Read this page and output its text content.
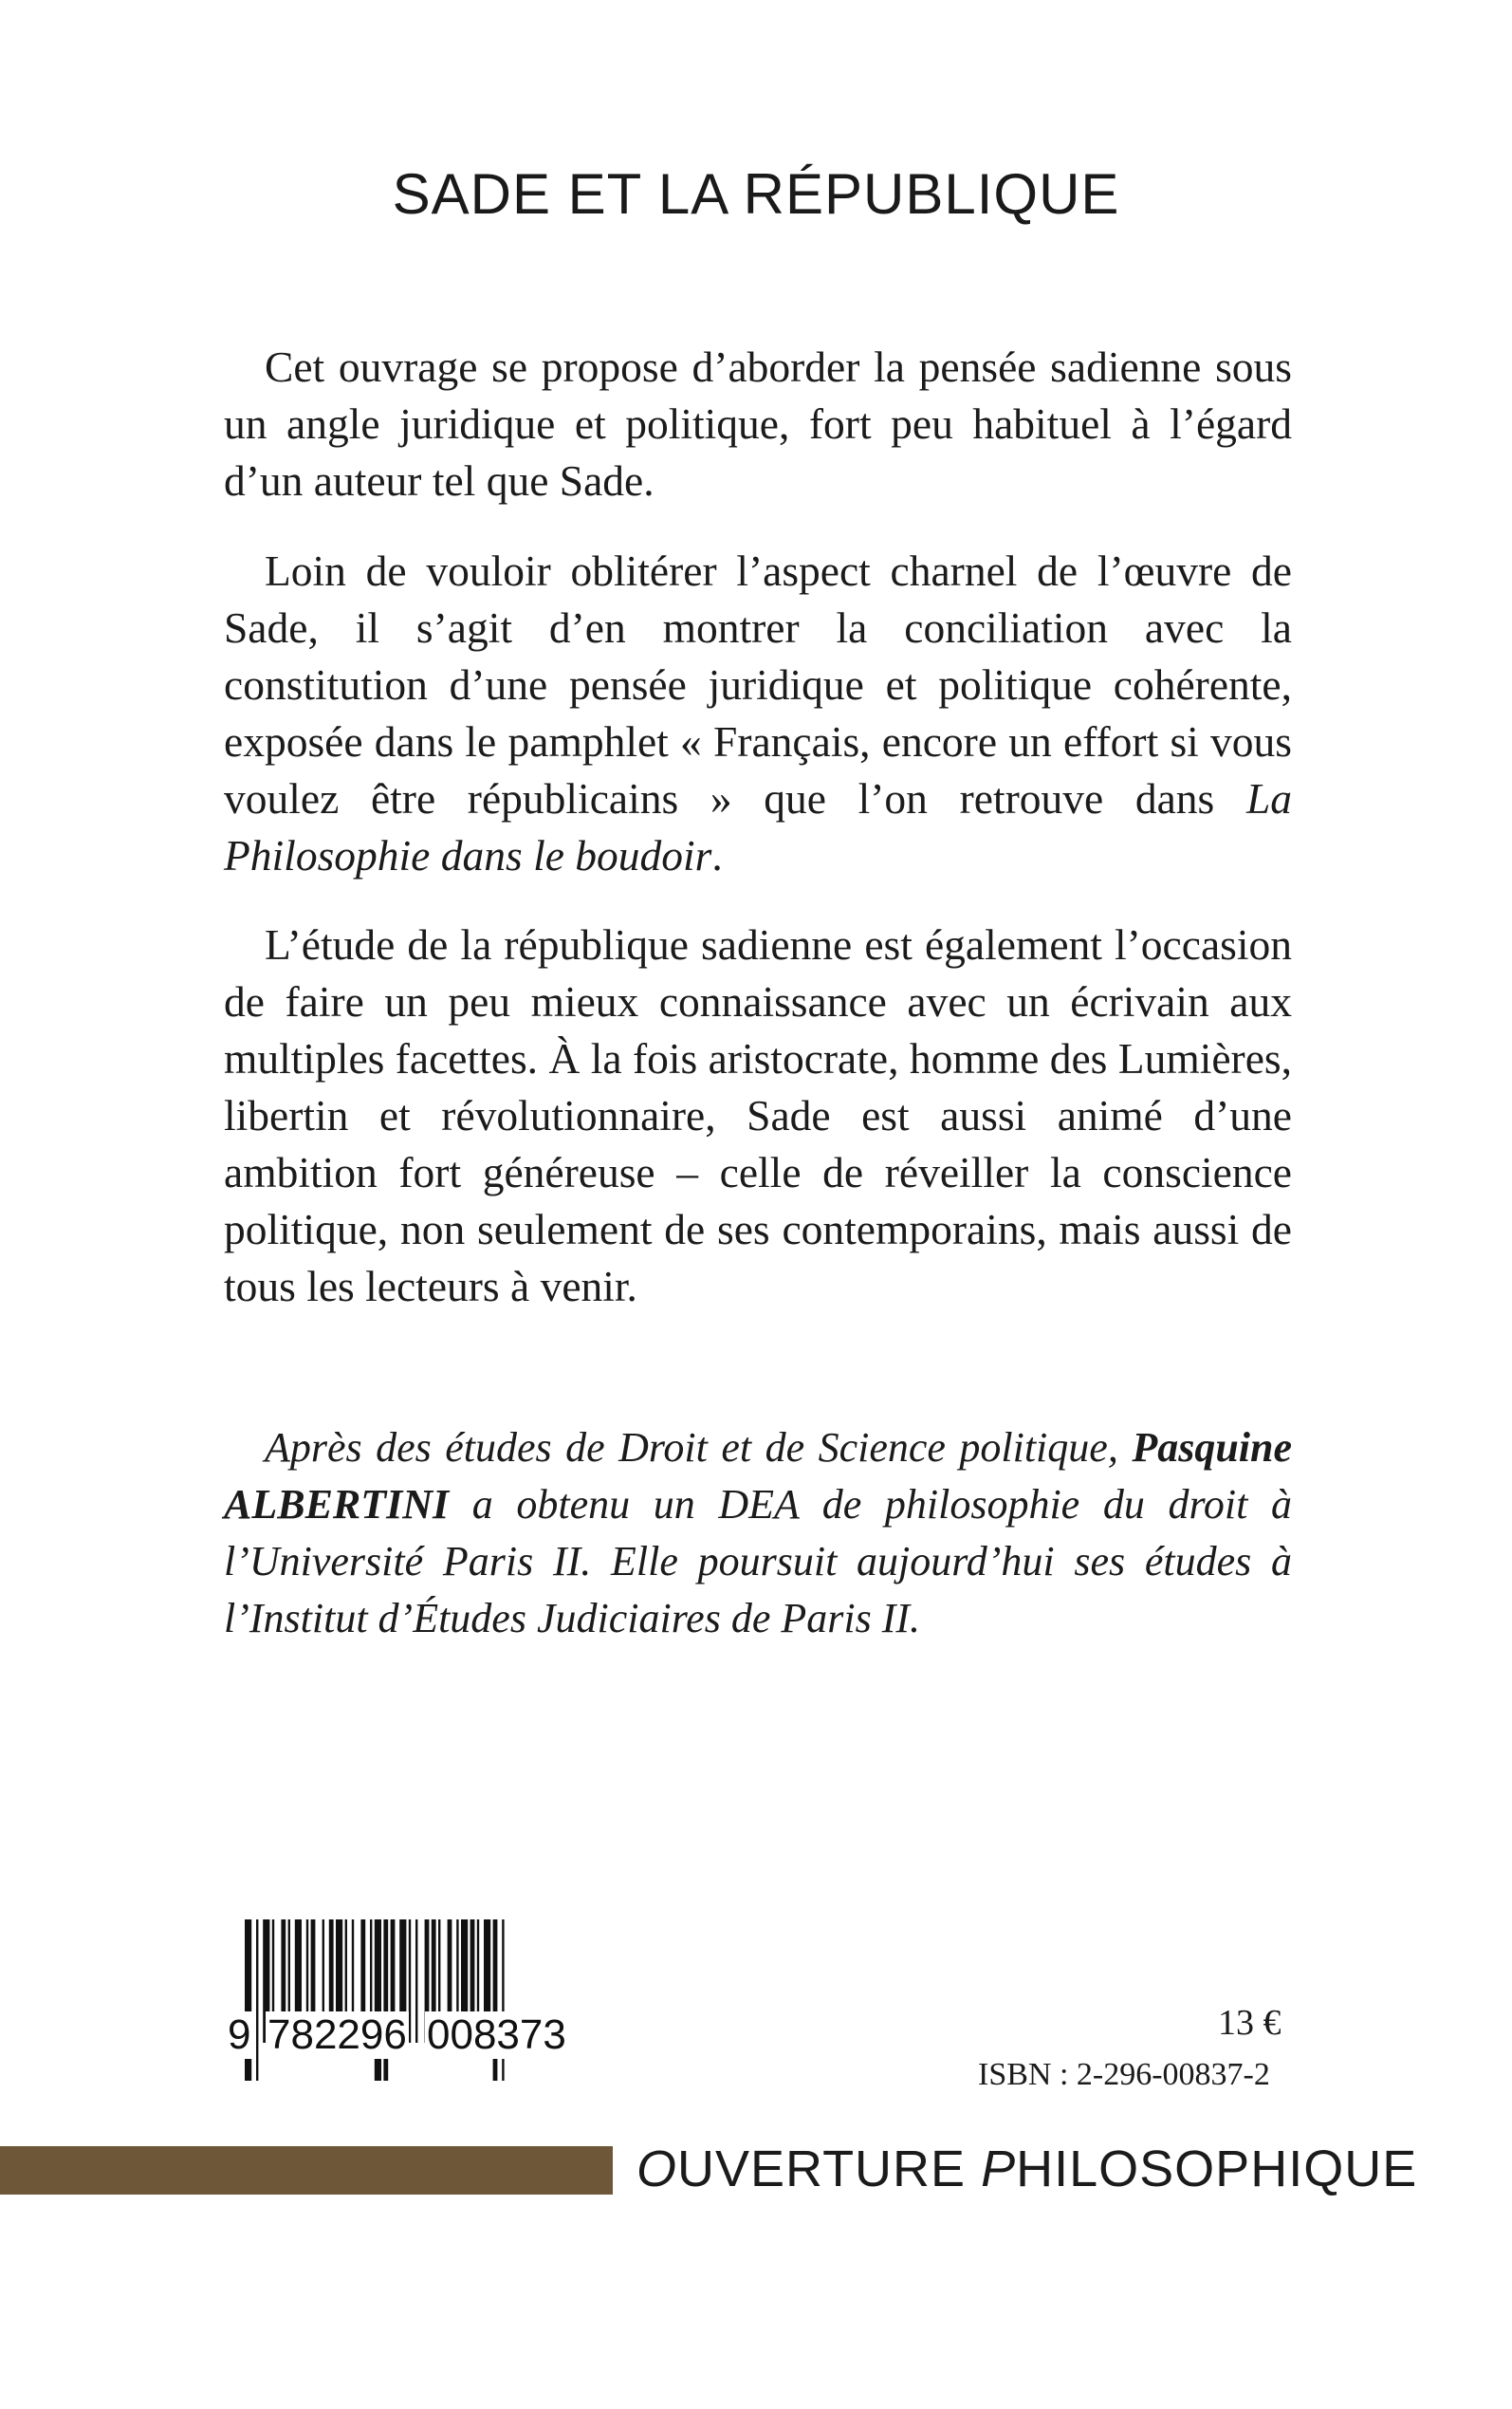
SADE ET LA RÉPUBLIQUE

Cet ouvrage se propose d’aborder la pensée sadienne sous un angle juridique et politique, fort peu habituel à l’égard d’un auteur tel que Sade.

Loin de vouloir oblitérer l’aspect charnel de l’œuvre de Sade, il s’agit d’en montrer la conciliation avec la constitution d’une pensée juridique et politique cohérente, exposée dans le pamphlet « Français, encore un effort si vous voulez être républicains » que l’on retrouve dans La Philosophie dans le boudoir.

L’étude de la république sadienne est également l’occasion de faire un peu mieux connaissance avec un écrivain aux multiples facettes. À la fois aristocrate, homme des Lumières, libertin et révolutionnaire, Sade est aussi animé d’une ambition fort généreuse – celle de réveiller la conscience politique, non seulement de ses contemporains, mais aussi de tous les lecteurs à venir.

Après des études de Droit et de Science politique, Pasquine ALBERTINI a obtenu un DEA de philosophie du droit à l’Université Paris II. Elle poursuit aujourd’hui ses études à l’Institut d’Études Judiciaires de Paris II.

9 782296 008373	13 €

ISBN : 2-296-00837-2

OUVERTURE PHILOSOPHIQUE
